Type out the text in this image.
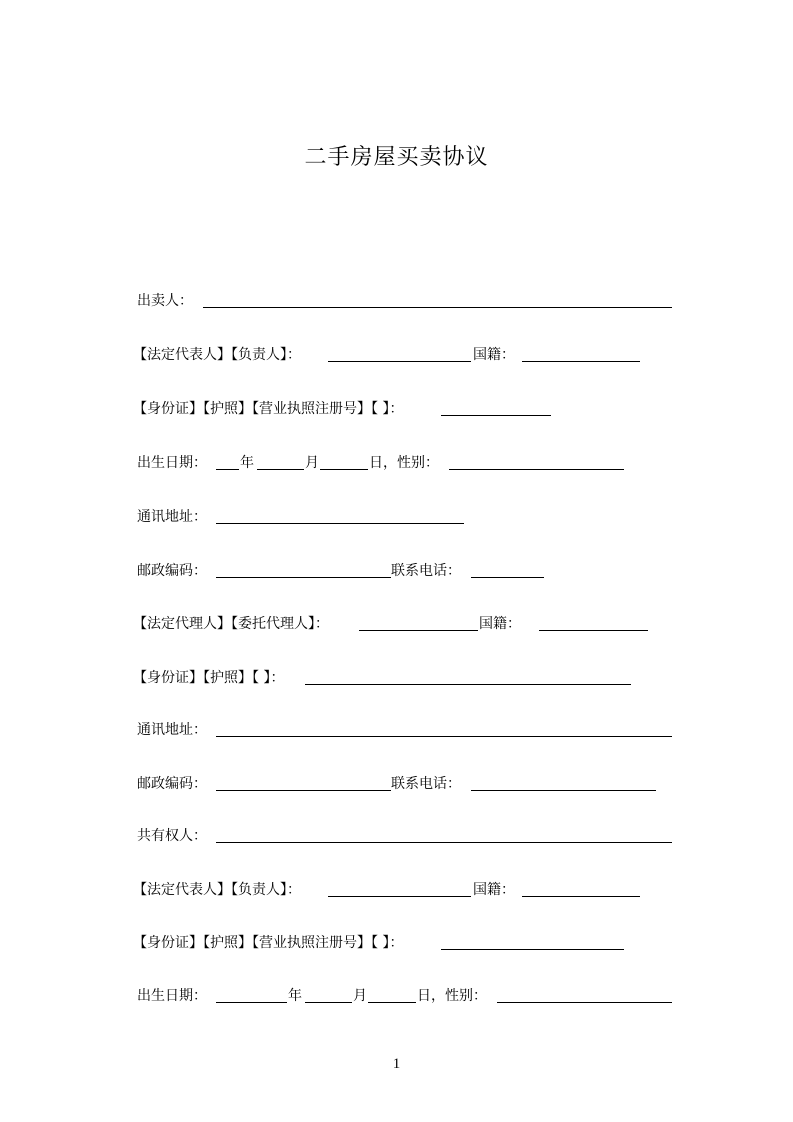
二手房屋买卖协议
出卖人：
【法定代表人】【负责人】：	国籍：
【身份证】【护照】【营业执照注册号】【 】：
出生日期： 年	月	日，性别：
通讯地址：
邮政编码：	联系电话：
【法定代理人】【委托代理人】：	国籍：
【身份证】【护照】【 】：
通讯地址：
邮政编码：	联系电话：
共有权人：
【法定代表人】【负责人】：	国籍：
【身份证】【护照】【营业执照注册号】【 】：
出生日期：	年	月	日，性别：
1
